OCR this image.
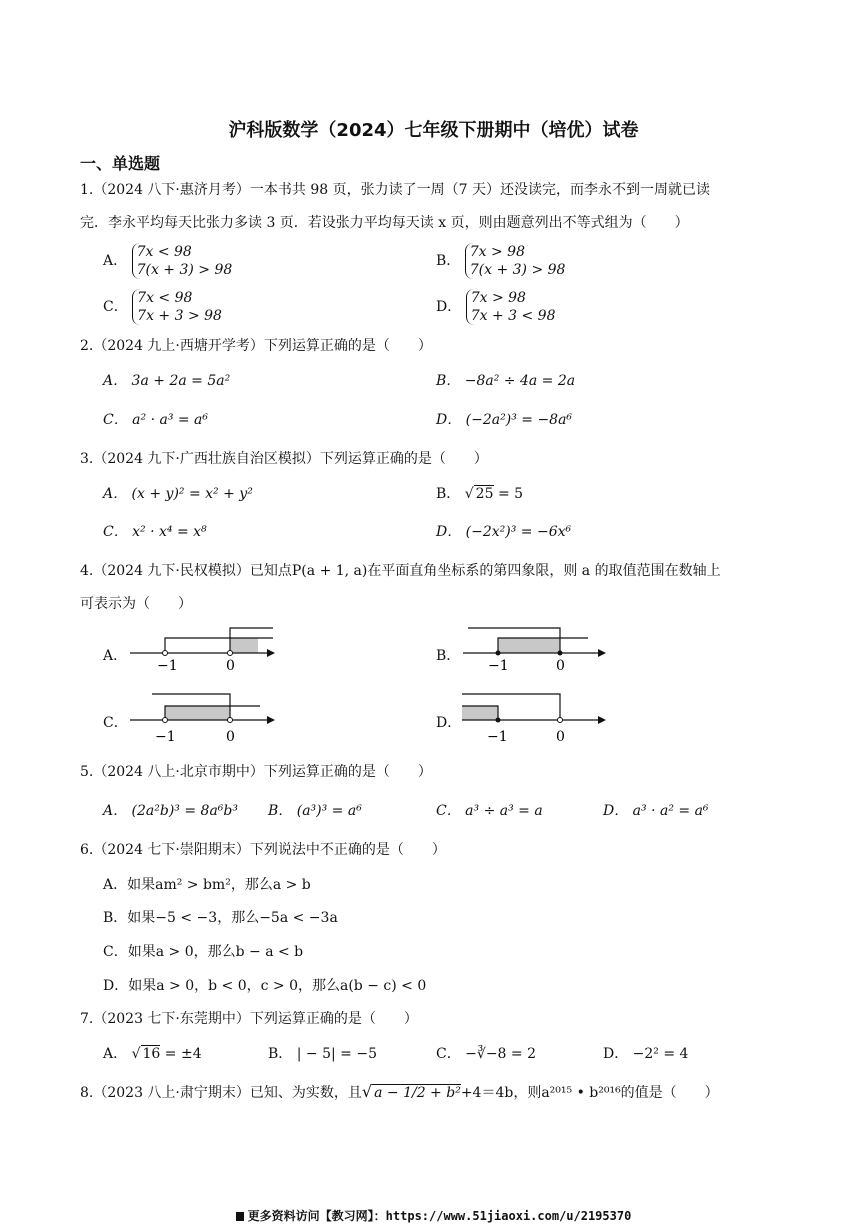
沪科版数学（2024）七年级下册期中（培优）试卷
一、单选题
1.（2024 八下·惠济月考）一本书共 98 页，张力读了一周（7 天）还没读完，而李永不到一周就已读
完．李永平均每天比张力多读 3 页．若设张力平均每天读 x 页，则由题意列出不等式组为（　　）
A． 7x < 98
7(x + 3) > 98
B． 7x > 98
7(x + 3) > 98
C． 7x < 98
7x + 3 > 98
D． 7x > 98
7x + 3 < 98
2.（2024 九上·西塘开学考）下列运算正确的是（　　）
A． 3a + 2a = 5a²	B． −8a² ÷ 4a = 2a
C． a² · a³ = a⁶	D． (−2a²)³ = −8a⁶
3.（2024 九下·广西壮族自治区模拟）下列运算正确的是（　　）
A． (x + y)² = x² + y²	B． √ 25 = 5
C． x² · x⁴ = x⁸	D． (−2x²)³ = −6x⁶
4.（2024 九下·民权模拟）已知点P(a + 1, a)在平面直角坐标系的第四象限，则 a 的取值范围在数轴上
可表示为（　　）
A．	B．
C．	D．
−1	0	−1	0
−1	0	−1	0
5.（2024 八上·北京市期中）下列运算正确的是（　　）
A． (2a²b)³ = 8a⁶b³ B． (a³)³ = a⁶	C． a³ ÷ a³ = a	D． a³ · a² = a⁶
6.（2024 七下·崇阳期末）下列说法中不正确的是（　　）
A．如果am² > bm²，那么a > b
B．如果−5 < −3，那么−5a < −3a
C．如果a > 0，那么b − a < b
D．如果a > 0，b < 0，c > 0，那么a(b − c) < 0
7.（2023 七下·东莞期中）下列运算正确的是（　　）
A． √ 16 = ±4	B． | − 5| = −5	C． −∛−8 = 2	D． −2² = 4
8.（2023 八上·肃宁期末）已知、为实数，且√ a − 1/2 + b²+4＝4b，则a²⁰¹⁵ • b²⁰¹⁶的值是（　　）
更多资料访问【教习网】：https://www.51jiaoxi.com/u/2195370
